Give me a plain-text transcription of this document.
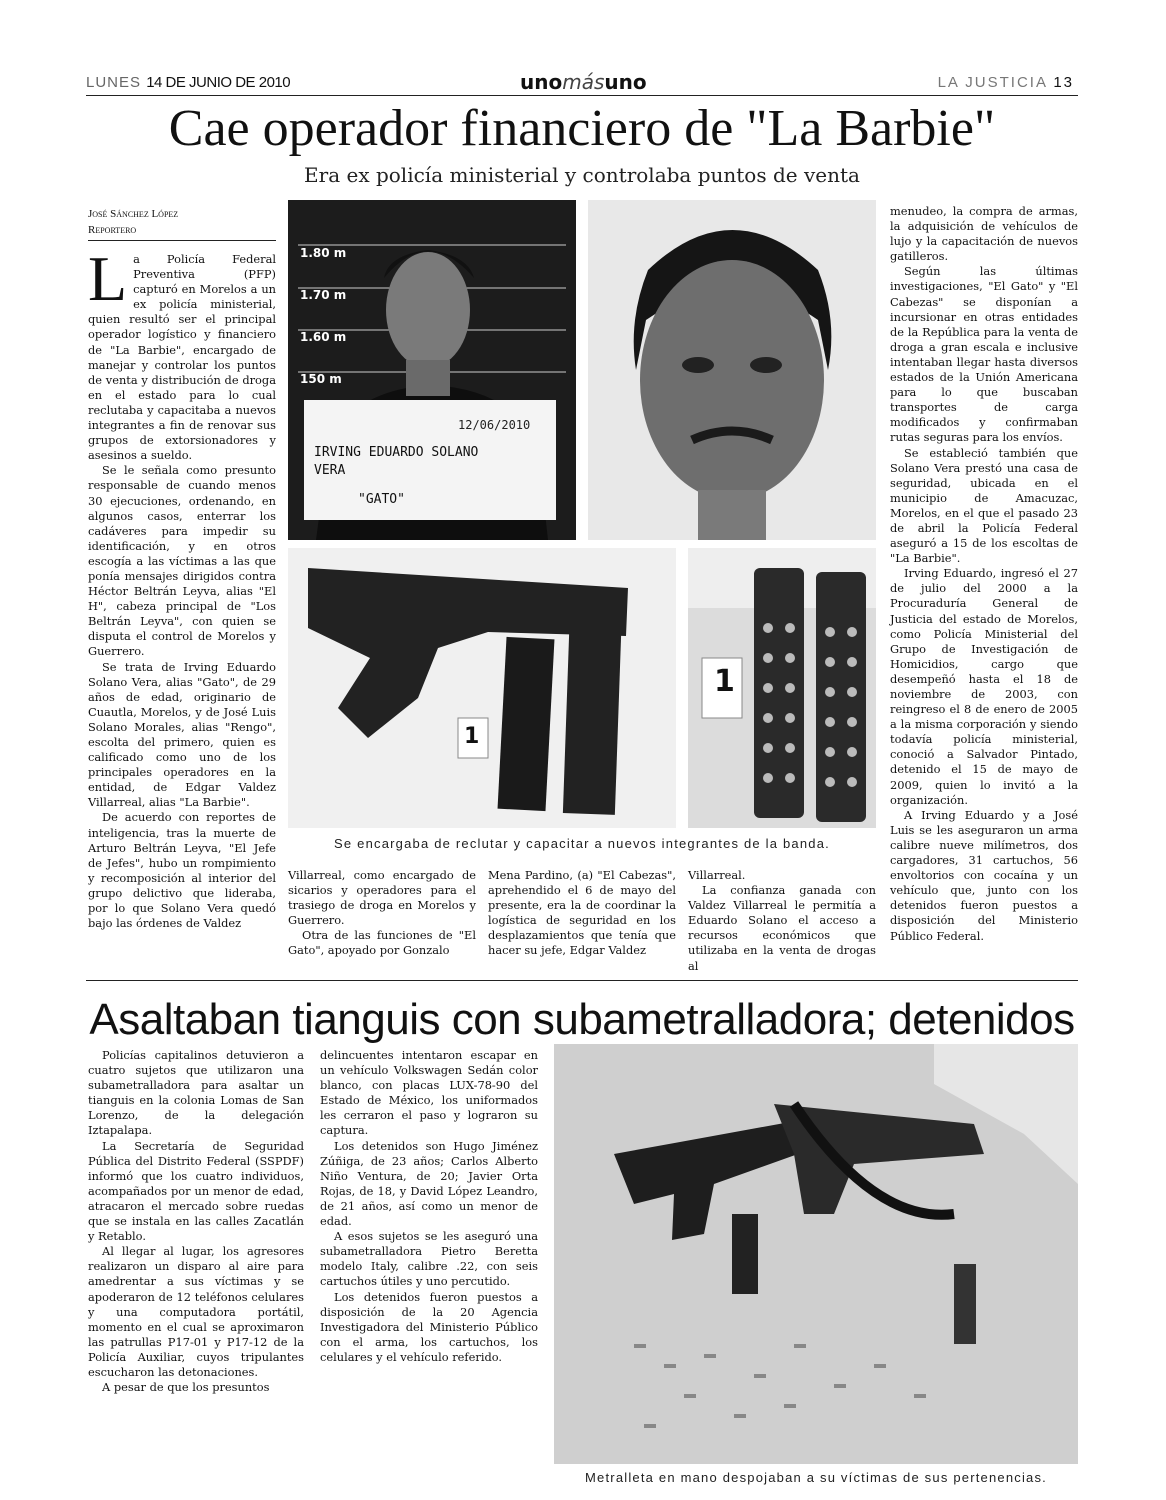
LUNES 14 DE JUNIO DE 2010	unomásuno	LA JUSTICIA 13
Cae operador financiero de "La Barbie"
Era ex policía ministerial y controlaba puntos de venta
José Sánchez López
Reportero
L a Policía Federal Preventiva (PFP) capturó en Morelos a un ex policía ministerial, quien resultó ser el principal operador logístico y financiero de "La Barbie", encargado de manejar y controlar los puntos de venta y distribución de droga en el estado para lo cual reclutaba y capacitaba a nuevos integrantes a fin de renovar sus grupos de extorsionadores y asesinos a sueldo.

Se le señala como presunto responsable de cuando menos 30 ejecuciones, ordenando, en algunos casos, enterrar los cadáveres para impedir su identificación, y en otros escogía a las víctimas a las que ponía mensajes dirigidos contra Héctor Beltrán Leyva, alias "El H", cabeza principal de "Los Beltrán Leyva", con quien se disputa el control de Morelos y Guerrero.

Se trata de Irving Eduardo Solano Vera, alias "Gato", de 29 años de edad, originario de Cuautla, Morelos, y de José Luis Solano Morales, alias "Rengo", escolta del primero, quien es calificado como uno de los principales operadores en la entidad, de Edgar Valdez Villarreal, alias "La Barbie".

De acuerdo con reportes de inteligencia, tras la muerte de Arturo Beltrán Leyva, "El Jefe de Jefes", hubo un rompimiento y recomposición al interior del grupo delictivo que lideraba, por lo que Solano Vera quedó bajo las órdenes de Valdez

1.80 m
1.70 m
1.60 m
150 m
12/06/2010
IRVING EDUARDO SOLANO
VERA
"GATO"
1
1
Se encargaba de reclutar y capacitar a nuevos integrantes de la banda.

Villarreal, como encargado de sicarios y operadores para el trasiego de droga en Morelos y Guerrero.

Otra de las funciones de "El Gato", apoyado por Gonzalo

Mena Pardino, (a) "El Cabezas", aprehendido el 6 de mayo del presente, era la de coordinar la logística de seguridad en los desplazamientos que tenía que hacer su jefe, Edgar Valdez

Villarreal.

La confianza ganada con Valdez Villarreal le permitía a Eduardo Solano el acceso a recursos económicos que utilizaba en la venta de drogas al

menudeo, la compra de armas, la adquisición de vehículos de lujo y la capacitación de nuevos gatilleros.

Según las últimas investigaciones, "El Gato" y "El Cabezas" se disponían a incursionar en otras entidades de la República para la venta de droga a gran escala e inclusive intentaban llegar hasta diversos estados de la Unión Americana para lo que buscaban transportes de carga modificados y confirmaban rutas seguras para los envíos.

Se estableció también que Solano Vera prestó una casa de seguridad, ubicada en el municipio de Amacuzac, Morelos, en el que el pasado 23 de abril la Policía Federal aseguró a 15 de los escoltas de "La Barbie".

Irving Eduardo, ingresó el 27 de julio del 2000 a la Procuraduría General de Justicia del estado de Morelos, como Policía Ministerial del Grupo de Investigación de Homicidios, cargo que desempeñó hasta el 18 de noviembre de 2003, con reingreso el 8 de enero de 2005 a la misma corporación y siendo todavía policía ministerial, conoció a Salvador Pintado, detenido el 15 de mayo de 2009, quien lo invitó a la organización.

A Irving Eduardo y a José Luis se les aseguraron un arma calibre nueve milímetros, dos cargadores, 31 cartuchos, 56 envoltorios con cocaína y un vehículo que, junto con los detenidos fueron puestos a disposición del Ministerio Público Federal.

Asaltaban tianguis con subametralladora; detenidos

Policías capitalinos detuvieron a cuatro sujetos que utilizaron una subametralladora para asaltar un tianguis en la colonia Lomas de San Lorenzo, de la delegación Iztapalapa.

La Secretaría de Seguridad Pública del Distrito Federal (SSPDF) informó que los cuatro individuos, acompañados por un menor de edad, atracaron el mercado sobre ruedas que se instala en las calles Zacatlán y Retablo.

Al llegar al lugar, los agresores realizaron un disparo al aire para amedrentar a sus víctimas y se apoderaron de 12 teléfonos celulares y una computadora portátil, momento en el cual se aproximaron las patrullas P17-01 y P17-12 de la Policía Auxiliar, cuyos tripulantes escucharon las detonaciones.

A pesar de que los presuntos

delincuentes intentaron escapar en un vehículo Volkswagen Sedán color blanco, con placas LUX-78-90 del Estado de México, los uniformados les cerraron el paso y lograron su captura.

Los detenidos son Hugo Jiménez Zúñiga, de 23 años; Carlos Alberto Niño Ventura, de 20; Javier Orta Rojas, de 18, y David López Leandro, de 21 años, así como un menor de edad.

A esos sujetos se les aseguró una subametralladora Pietro Beretta modelo Italy, calibre .22, con seis cartuchos útiles y uno percutido.

Los detenidos fueron puestos a disposición de la 20 Agencia Investigadora del Ministerio Público con el arma, los cartuchos, los celulares y el vehículo referido.

Metralleta en mano despojaban a su víctimas de sus pertenencias.
